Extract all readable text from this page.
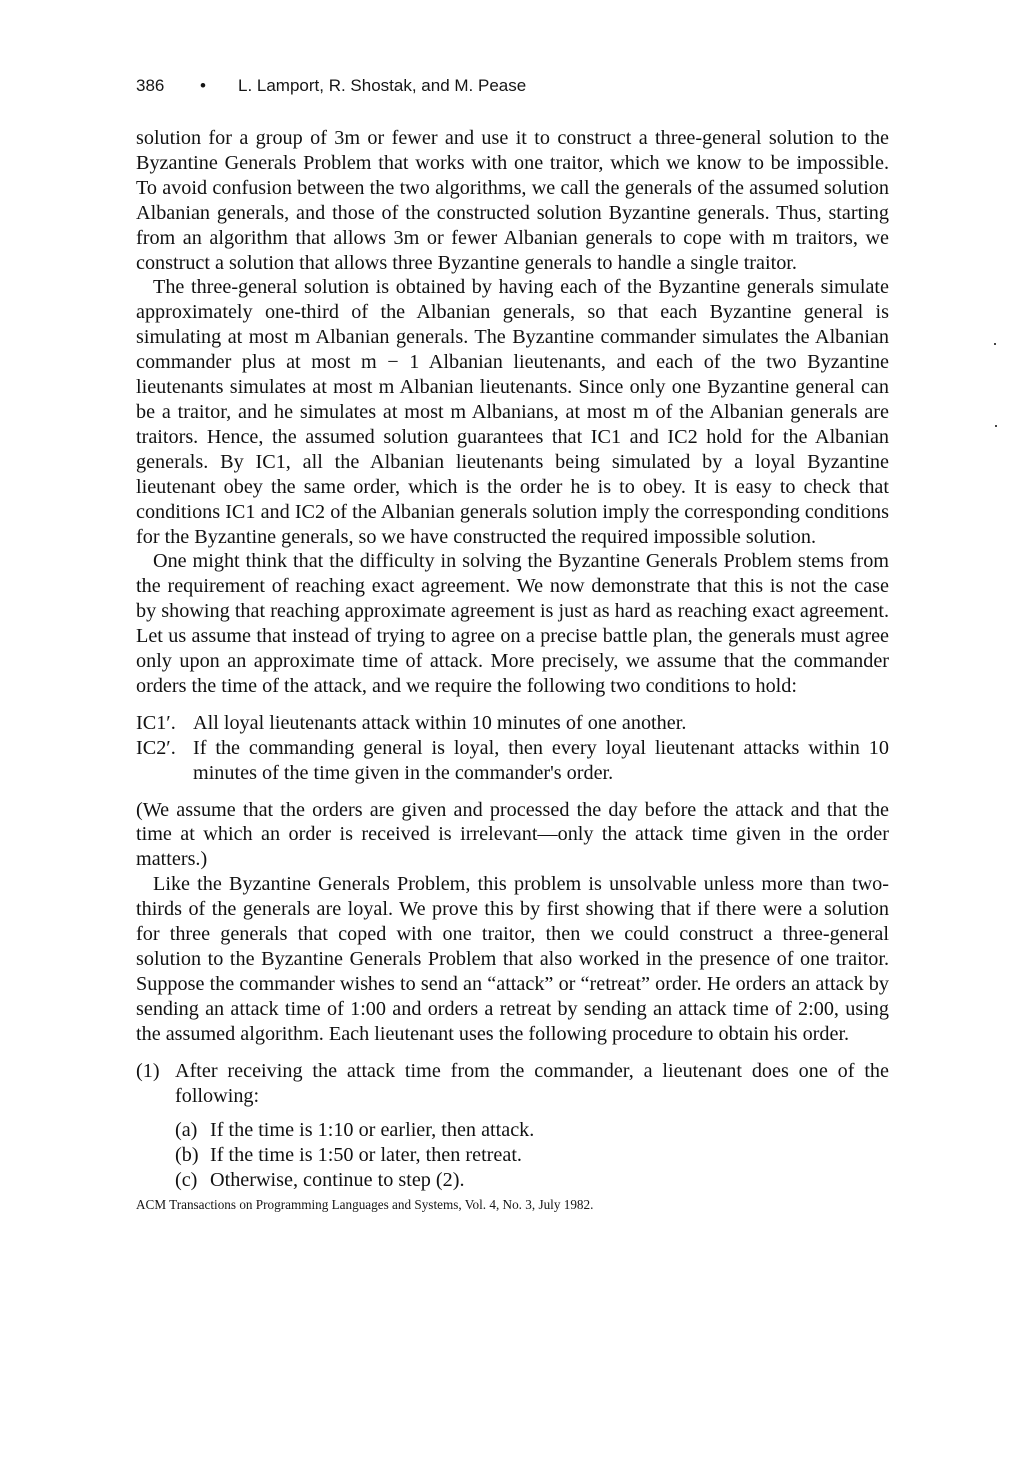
386	•	L. Lamport, R. Shostak, and M. Pease

solution for a group of 3m or fewer and use it to construct a three-general solution to the Byzantine Generals Problem that works with one traitor, which we know to be impossible. To avoid confusion between the two algorithms, we call the generals of the assumed solution Albanian generals, and those of the constructed solution Byzantine generals. Thus, starting from an algorithm that allows 3m or fewer Albanian generals to cope with m traitors, we construct a solution that allows three Byzantine generals to handle a single traitor.

The three-general solution is obtained by having each of the Byzantine generals simulate approximately one-third of the Albanian generals, so that each Byzantine general is simulating at most m Albanian generals. The Byzantine commander simulates the Albanian commander plus at most m − 1 Albanian lieutenants, and each of the two Byzantine lieutenants simulates at most m Albanian lieutenants. Since only one Byzantine general can be a traitor, and he simulates at most m Albanians, at most m of the Albanian generals are traitors. Hence, the assumed solution guarantees that IC1 and IC2 hold for the Albanian generals. By IC1, all the Albanian lieutenants being simulated by a loyal Byzantine lieutenant obey the same order, which is the order he is to obey. It is easy to check that conditions IC1 and IC2 of the Albanian generals solution imply the corresponding conditions for the Byzantine generals, so we have constructed the required impossible solution.

One might think that the difficulty in solving the Byzantine Generals Problem stems from the requirement of reaching exact agreement. We now demonstrate that this is not the case by showing that reaching approximate agreement is just as hard as reaching exact agreement. Let us assume that instead of trying to agree on a precise battle plan, the generals must agree only upon an approximate time of attack. More precisely, we assume that the commander orders the time of the attack, and we require the following two conditions to hold:

IC1′. All loyal lieutenants attack within 10 minutes of one another.
IC2′. If the commanding general is loyal, then every loyal lieutenant attacks within 10 minutes of the time given in the commander's order.

(We assume that the orders are given and processed the day before the attack and that the time at which an order is received is irrelevant—only the attack time given in the order matters.)

Like the Byzantine Generals Problem, this problem is unsolvable unless more than two-thirds of the generals are loyal. We prove this by first showing that if there were a solution for three generals that coped with one traitor, then we could construct a three-general solution to the Byzantine Generals Problem that also worked in the presence of one traitor. Suppose the commander wishes to send an “attack” or “retreat” order. He orders an attack by sending an attack time of 1:00 and orders a retreat by sending an attack time of 2:00, using the assumed algorithm. Each lieutenant uses the following procedure to obtain his order.

(1) After receiving the attack time from the commander, a lieutenant does one of the following:
(a) If the time is 1:10 or earlier, then attack.
(b) If the time is 1:50 or later, then retreat.
(c) Otherwise, continue to step (2).
ACM Transactions on Programming Languages and Systems, Vol. 4, No. 3, July 1982.
